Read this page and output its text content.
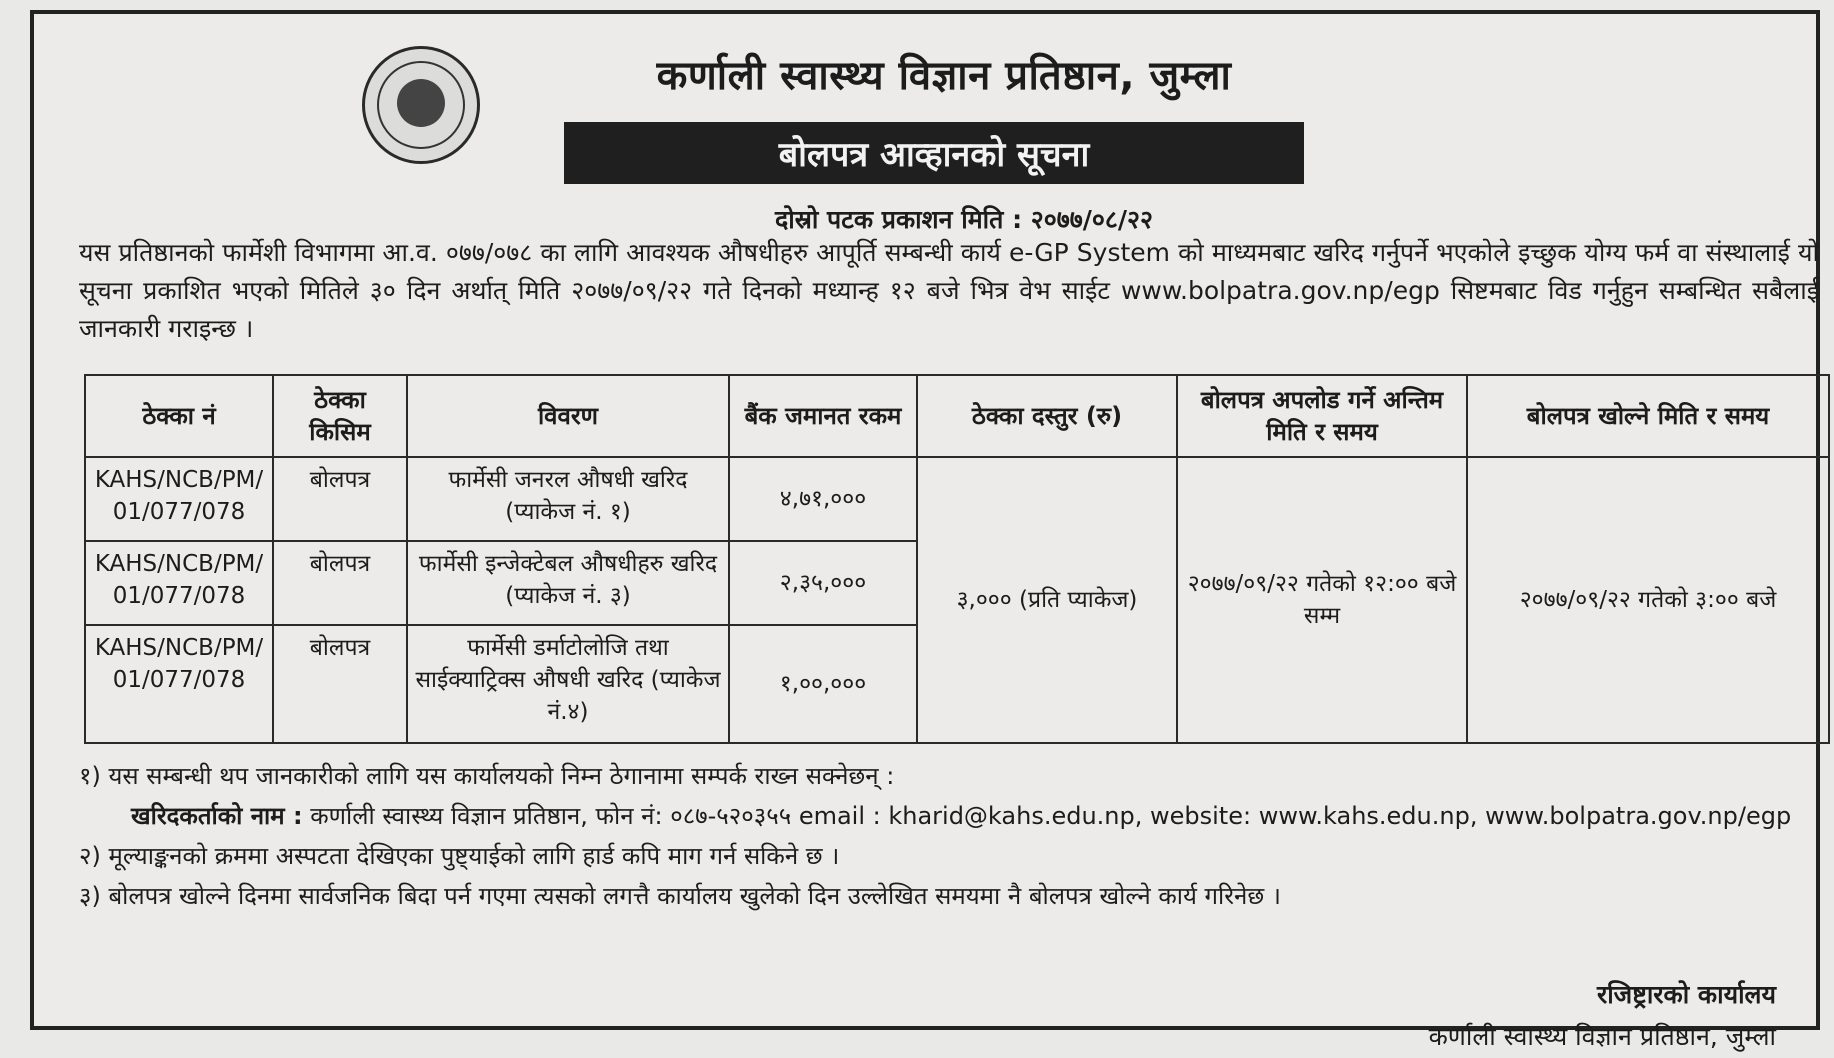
कर्णाली स्वास्थ्य विज्ञान प्रतिष्ठान, जुम्ला
बोलपत्र आव्हानको सूचना
दोस्रो पटक प्रकाशन मिति : २०७७/०८/२२
यस प्रतिष्ठानको फार्मेशी विभागमा आ.व. ०७७/०७८ का लागि आवश्यक औषधीहरु आपूर्ति सम्बन्धी कार्य e-GP System को माध्यमबाट खरिद गर्नुपर्ने भएकोले इच्छुक योग्य फर्म वा संस्थालाई यो सूचना प्रकाशित भएको मितिले ३० दिन अर्थात् मिति २०७७/०९/२२ गते दिनको मध्यान्ह १२ बजे भित्र वेभ साईट www.bolpatra.gov.np/egp सिष्टमबाट विड गर्नुहुन सम्बन्धित सबैलाई जानकारी गराइन्छ ।
ठेक्का नं	ठेक्का किसिम	विवरण	बैंक जमानत रकम	ठेक्का दस्तुर (रु)	बोलपत्र अपलोड गर्ने अन्तिम मिति र समय	बोलपत्र खोल्ने मिति र समय
KAHS/NCB/PM/ 01/077/078	बोलपत्र	फार्मेसी जनरल औषधी खरिद (प्याकेज नं. १)	४,७१,०००	३,००० (प्रति प्याकेज)	२०७७/०९/२२ गतेको १२:०० बजे सम्म	२०७७/०९/२२ गतेको ३:०० बजे
KAHS/NCB/PM/ 01/077/078	बोलपत्र	फार्मेसी इन्जेक्टेबल औषधीहरु खरिद (प्याकेज नं. ३)	२,३५,०००			
KAHS/NCB/PM/ 01/077/078	बोलपत्र	फार्मेसी डर्माटोलोजि तथा साईक्याट्रिक्स औषधी खरिद (प्याकेज नं.४)	१,००,०००			

१) यस सम्बन्धी थप जानकारीको लागि यस कार्यालयको निम्न ठेगानामा सम्पर्क राख्न सक्नेछन् :

खरिदकर्ताको नाम : कर्णाली स्वास्थ्य विज्ञान प्रतिष्ठान, फोन नं: ०८७-५२०३५५ email : kharid@kahs.edu.np, website: www.kahs.edu.np, www.bolpatra.gov.np/egp

२) मूल्याङ्कनको क्रममा अस्पटता देखिएका पुष्ट्याईको लागि हार्ड कपि माग गर्न सकिने छ ।

३) बोलपत्र खोल्ने दिनमा सार्वजनिक बिदा पर्न गएमा त्यसको लगत्तै कार्यालय खुलेको दिन उल्लेखित समयमा नै बोलपत्र खोल्ने कार्य गरिनेछ ।

रजिष्ट्रारको कार्यालय
कर्णाली स्वास्थ्य विज्ञान प्रतिष्ठान, जुम्ला
